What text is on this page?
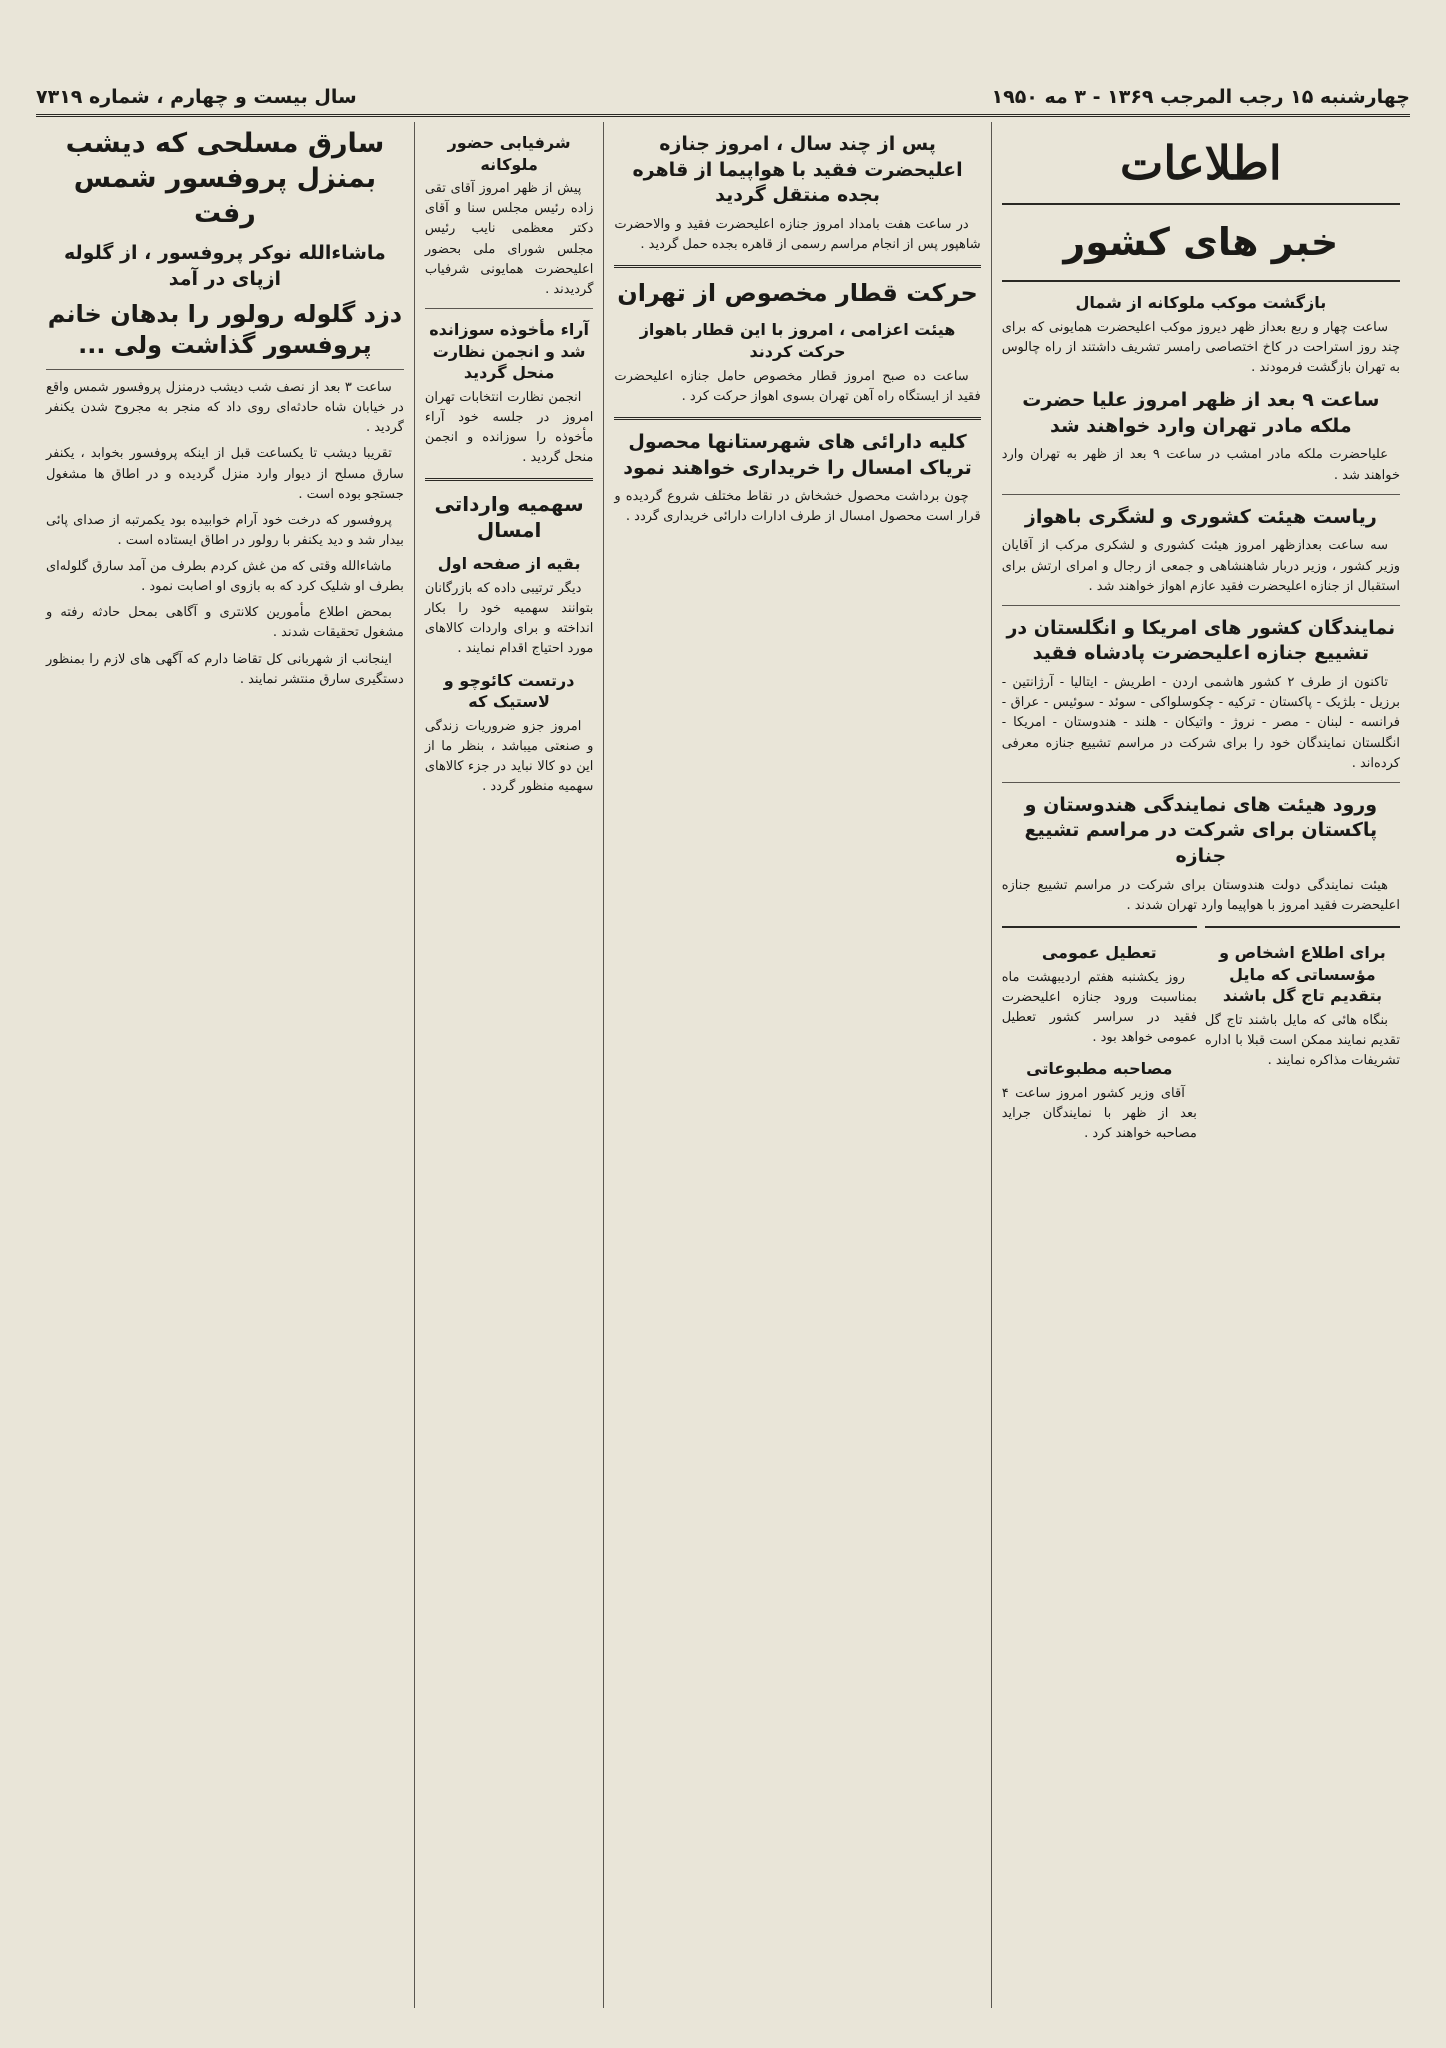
چهارشنبه ۱۵ رجب المرجب ۱۳۶۹ - ۳ مه ۱۹۵۰
سال بیست و چهارم ، شماره ۷۳۱۹
اطلاعات
خبر های کشور
بازگشت موکب ملوکانه از شمال

ساعت چهار و ربع بعداز ظهر دیروز موکب اعلیحضرت همایونی که برای چند روز استراحت در کاخ اختصاصی رامسر تشریف داشتند از راه چالوس به تهران بازگشت فرمودند .

ساعت ۹ بعد از ظهر امروز علیا حضرت ملکه مادر تهران وارد خواهند شد

علیاحضرت ملکه مادر امشب در ساعت ۹ بعد از ظهر به تهران وارد خواهند شد .

ریاست هیئت کشوری و لشگری باهواز

سه ساعت بعدازظهر امروز هیئت کشوری و لشکری مرکب از آقایان وزیر کشور ، وزیر دربار شاهنشاهی و جمعی از رجال و امرای ارتش برای استقبال از جنازه اعلیحضرت فقید عازم اهواز خواهند شد .

نمایندگان کشور های امریکا و انگلستان در تشییع جنازه اعلیحضرت پادشاه فقید

تاکنون از طرف ۲ کشور هاشمی اردن - اطریش - ایتالیا - آرژانتین - برزیل - بلژیک - پاکستان - ترکیه - چکوسلواکی - سوئد - سوئیس - عراق - فرانسه - لبنان - مصر - نروژ - واتیکان - هلند - هندوستان - امریکا - انگلستان نمایندگان خود را برای شرکت در مراسم تشییع جنازه معرفی کرده‌اند .

ورود هیئت های نمایندگی هندوستان و پاکستان برای شرکت در مراسم تشییع جنازه

هیئت نمایندگی دولت هندوستان برای شرکت در مراسم تشییع جنازه اعلیحضرت فقید امروز با هواپیما وارد تهران شدند .

برای اطلاع اشخاص و مؤسساتی که مایل بتقدیم تاج گل باشند

بنگاه هائی که مایل باشند تاج گل تقدیم نمایند ممکن است قبلا با اداره تشریفات مذاکره نمایند .

تعطیل عمومی

روز یکشنبه هفتم اردیبهشت ماه بمناسبت ورود جنازه اعلیحضرت فقید در سراسر کشور تعطیل عمومی خواهد بود .

مصاحبه مطبوعاتی

آقای وزیر کشور امروز ساعت ۴ بعد از ظهر با نمایندگان جراید مصاحبه خواهند کرد .

پس از چند سال ، امروز جنازه اعلیحضرت فقید با هواپیما از قاهره بجده منتقل گردید

در ساعت هفت بامداد امروز جنازه اعلیحضرت فقید و والاحضرت شاهپور پس از انجام مراسم رسمی از قاهره بجده حمل گردید .

حرکت قطار مخصوص از تهران
هیئت اعزامی ، امروز با این قطار باهواز حرکت کردند

ساعت ده صبح امروز قطار مخصوص حامل جنازه اعلیحضرت فقید از ایستگاه راه آهن تهران بسوی اهواز حرکت کرد .

کلیه دارائی های شهرستانها محصول تریاک امسال را خریداری خواهند نمود

چون برداشت محصول خشخاش در نقاط مختلف شروع گردیده و قرار است محصول امسال از طرف ادارات دارائی خریداری گردد .

شرفیابی حضور ملوکانه

پیش از ظهر امروز آقای تقی زاده رئیس مجلس سنا و آقای دکتر معظمی نایب رئیس مجلس شورای ملی بحضور اعلیحضرت همایونی شرفیاب گردیدند .

آراء مأخوذه سوزانده شد و انجمن نظارت منحل گردید

انجمن نظارت انتخابات تهران امروز در جلسه خود آراء مأخوذه را سوزانده و انجمن منحل گردید .

سهمیه وارداتی امسال
بقیه از صفحه اول

دیگر ترتیبی داده که بازرگانان بتوانند سهمیه خود را بکار انداخته و برای واردات کالاهای مورد احتیاج اقدام نمایند .

درتست کائوچو و لاستیک که

امروز جزو ضروریات زندگی و صنعتی میباشد ، بنظر ما از این دو کالا نباید در جزء کالاهای سهمیه منظور گردد .

سارق مسلحی که دیشب بمنزل پروفسور شمس رفت
ماشاءالله نوکر پروفسور ، از گلوله ازپای در آمد
دزد گلوله رولور را بدهان خانم پروفسور گذاشت ولی ...

ساعت ۳ بعد از نصف شب دیشب درمنزل پروفسور شمس واقع در خیابان شاه حادثه‌ای روی داد که منجر به مجروح شدن یکنفر گردید .

تقریبا دیشب تا یکساعت قبل از اینکه پروفسور بخوابد ، یکنفر سارق مسلح از دیوار وارد منزل گردیده و در اطاق ها مشغول جستجو بوده است .

پروفسور که درخت خود آرام خوابیده بود یکمرتبه از صدای پائی بیدار شد و دید یکنفر با رولور در اطاق ایستاده است .

ماشاءالله وقتی که من غش کردم بطرف من آمد سارق گلوله‌ای بطرف او شلیک کرد که به بازوی او اصابت نمود .

بمحض اطلاع مأمورین کلانتری و آگاهی بمحل حادثه رفته و مشغول تحقیقات شدند .

اینجانب از شهربانی کل تقاضا دارم که آگهی های لازم را بمنظور دستگیری سارق منتشر نمایند .
